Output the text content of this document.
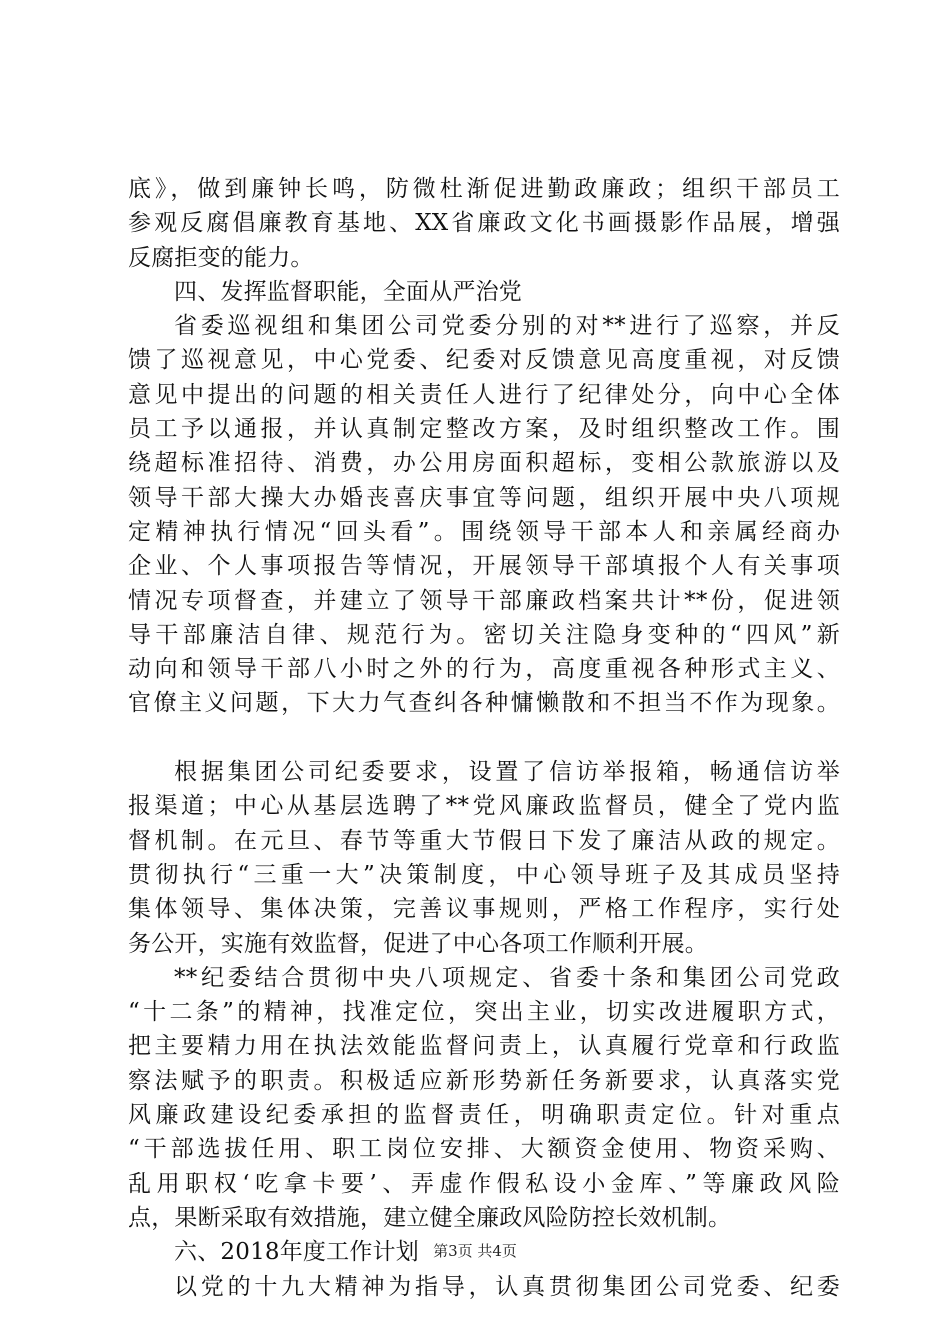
底》，做到廉钟长鸣，防微杜渐促进勤政廉政；组织干部员工
参观反腐倡廉教育基地、XX省廉政文化书画摄影作品展，增强
反腐拒变的能力。
四、发挥监督职能，全面从严治党
省委巡视组和集团公司党委分别的对**进行了巡察，并反
馈了巡视意见，中心党委、纪委对反馈意见高度重视，对反馈
意见中提出的问题的相关责任人进行了纪律处分，向中心全体
员工予以通报，并认真制定整改方案，及时组织整改工作。围
绕超标准招待、消费，办公用房面积超标，变相公款旅游以及
领导干部大操大办婚丧喜庆事宜等问题，组织开展中央八项规
定精神执行情况“回头看”。围绕领导干部本人和亲属经商办
企业、个人事项报告等情况，开展领导干部填报个人有关事项
情况专项督查，并建立了领导干部廉政档案共计**份，促进领
导干部廉洁自律、规范行为。密切关注隐身变种的“四风”新
动向和领导干部八小时之外的行为，高度重视各种形式主义、
官僚主义问题，下大力气查纠各种慵懒散和不担当不作为现象。
根据集团公司纪委要求，设置了信访举报箱，畅通信访举
报渠道；中心从基层选聘了**党风廉政监督员，健全了党内监
督机制。在元旦、春节等重大节假日下发了廉洁从政的规定。
贯彻执行“三重一大”决策制度，中心领导班子及其成员坚持
集体领导、集体决策，完善议事规则，严格工作程序，实行处
务公开，实施有效监督，促进了中心各项工作顺利开展。
**纪委结合贯彻中央八项规定、省委十条和集团公司党政
“十二条”的精神，找准定位，突出主业，切实改进履职方式，
把主要精力用在执法效能监督问责上，认真履行党章和行政监
察法赋予的职责。积极适应新形势新任务新要求，认真落实党
风廉政建设纪委承担的监督责任，明确职责定位。针对重点
“干部选拔任用、职工岗位安排、大额资金使用、物资采购、
乱用职权‘吃拿卡要’、弄虚作假私设小金库、”等廉政风险
点，果断采取有效措施，建立健全廉政风险防控长效机制。
六、2018年度工作计划
以党的十九大精神为指导，认真贯彻集团公司党委、纪委
第3页 共4页
